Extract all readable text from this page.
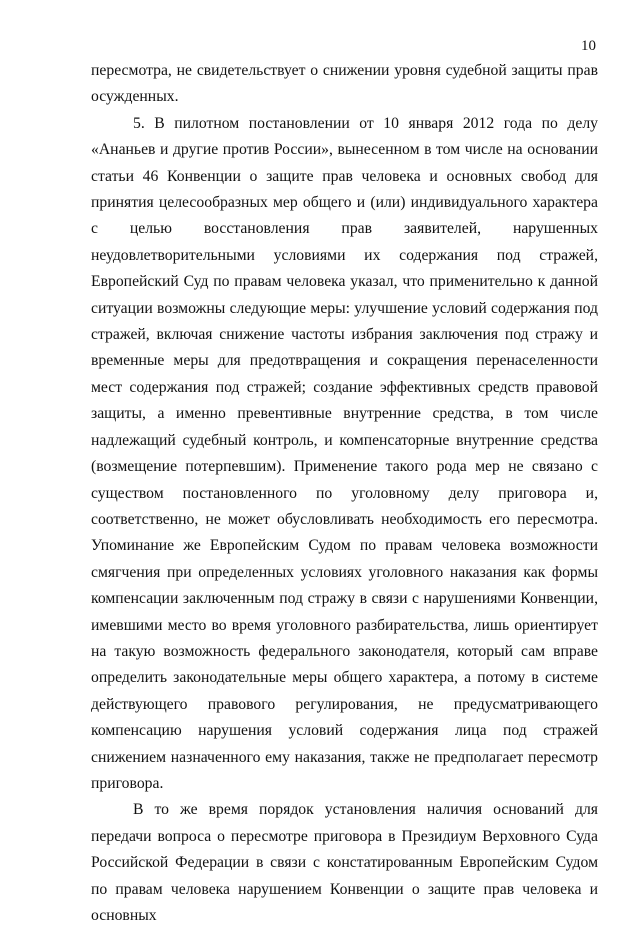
10

пересмотра, не свидетельствует о снижении уровня судебной защиты прав осужденных.

5. В пилотном постановлении от 10 января 2012 года по делу «Ананьев и другие против России», вынесенном в том числе на основании статьи 46 Конвенции о защите прав человека и основных свобод для принятия целесообразных мер общего и (или) индивидуального характера с целью восстановления прав заявителей, нарушенных неудовлетворительными условиями их содержания под стражей, Европейский Суд по правам человека указал, что применительно к данной ситуации возможны следующие меры: улучшение условий содержания под стражей, включая снижение частоты избрания заключения под стражу и временные меры для предотвращения и сокращения перенаселенности мест содержания под стражей; создание эффективных средств правовой защиты, а именно превентивные внутренние средства, в том числе надлежащий судебный контроль, и компенсаторные внутренние средства (возмещение потерпевшим). Применение такого рода мер не связано с существом постановленного по уголовному делу приговора и, соответственно, не может обусловливать необходимость его пересмотра. Упоминание же Европейским Судом по правам человека возможности смягчения при определенных условиях уголовного наказания как формы компенсации заключенным под стражу в связи с нарушениями Конвенции, имевшими место во время уголовного разбирательства, лишь ориентирует на такую возможность федерального законодателя, который сам вправе определить законодательные меры общего характера, а потому в системе действующего правового регулирования, не предусматривающего компенсацию нарушения условий содержания лица под стражей снижением назначенного ему наказания, также не предполагает пересмотр приговора.

В то же время порядок установления наличия оснований для передачи вопроса о пересмотре приговора в Президиум Верховного Суда Российской Федерации в связи с констатированным Европейским Судом по правам человека нарушением Конвенции о защите прав человека и основных
